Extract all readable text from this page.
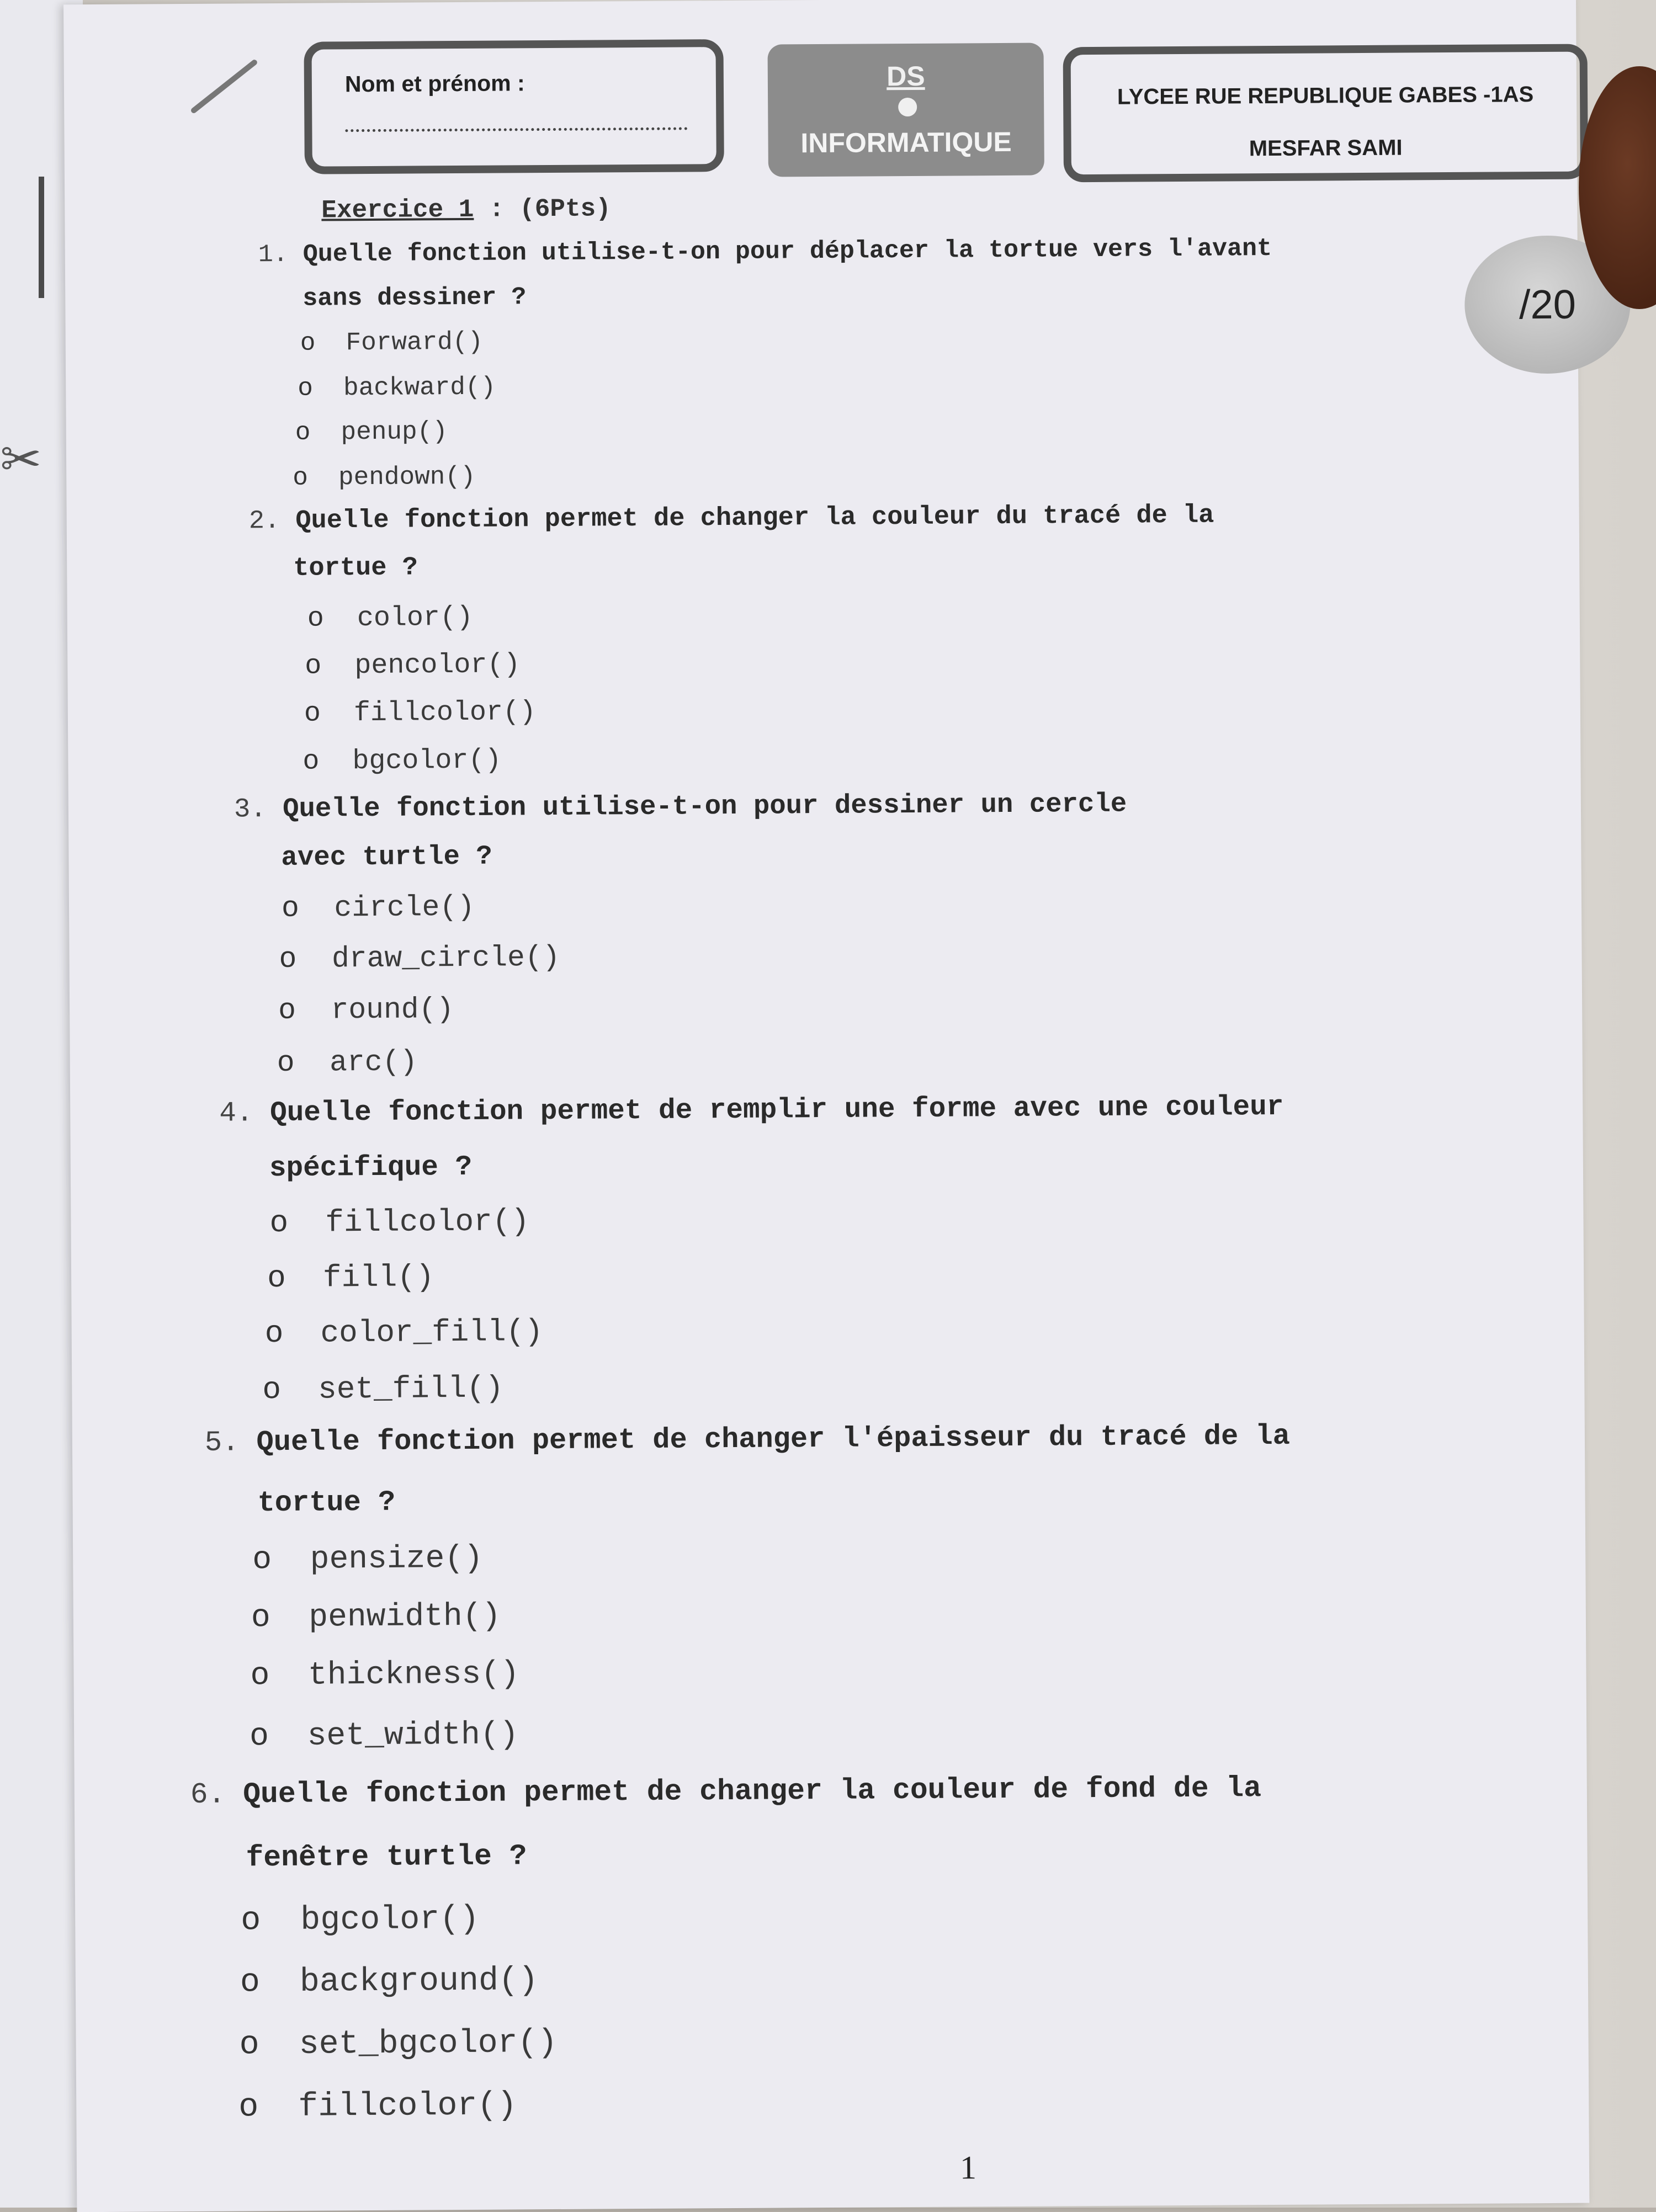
✂
Nom et prénom :	DS
INFORMATIQUE
LYCEE RUE REPUBLIQUE GABES -1AS
MESFAR SAMI
/20
Exercice 1 : (6Pts)
1. Quelle fonction utilise-t-on pour déplacer la tortue vers l'avant
sans dessiner ?
o Forward()
o backward()
o penup()
o pendown()
2. Quelle fonction permet de changer la couleur du tracé de la
tortue ?
o color()
o pencolor()
o fillcolor()
o bgcolor()
3. Quelle fonction utilise-t-on pour dessiner un cercle
avec turtle ?
o circle()
o draw_circle()
o round()
o arc()
4. Quelle fonction permet de remplir une forme avec une couleur
spécifique ?
o fillcolor()
o fill()
o color_fill()
o set_fill()
5. Quelle fonction permet de changer l'épaisseur du tracé de la
tortue ?
o pensize()
o penwidth()
o thickness()
o set_width()
6. Quelle fonction permet de changer la couleur de fond de la
fenêtre turtle ?
o bgcolor()
o background()
o set_bgcolor()
o fillcolor()
1
